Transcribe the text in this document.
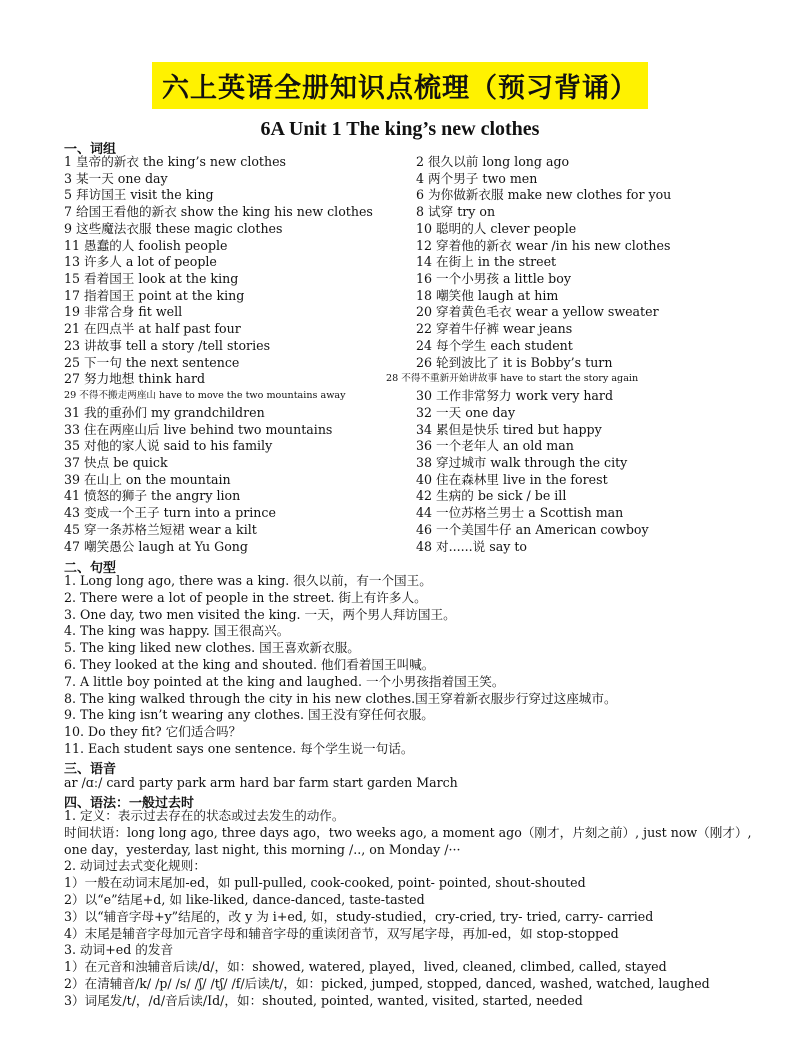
六上英语全册知识点梳理（预习背诵）
6A Unit 1 The king’s new clothes
一、词组
1 皇帝的新衣 the king’s new clothes	2 很久以前 long long ago
3 某一天 one day	4 两个男子 two men
5 拜访国王 visit the king	6 为你做新衣服 make new clothes for you
7 给国王看他的新衣 show the king his new clothes	8 试穿 try on
9 这些魔法衣服 these magic clothes	10 聪明的人 clever people
11 愚蠢的人 foolish people	12 穿着他的新衣 wear /in his new clothes
13 许多人 a lot of people	14 在街上 in the street
15 看着国王 look at the king	16 一个小男孩 a little boy
17 指着国王 point at the king	18 嘲笑他 laugh at him
19 非常合身 fit well	20 穿着黄色毛衣 wear a yellow sweater
21 在四点半 at half past four	22 穿着牛仔裤 wear jeans
23 讲故事 tell a story /tell stories	24 每个学生 each student
25 下一句 the next sentence	26 轮到波比了 it is Bobby’s turn
27 努力地想 think hard	28 不得不重新开始讲故事 have to start the story again
29 不得不搬走两座山 have to move the two mountains away	30 工作非常努力 work very hard
31 我的重孙们 my grandchildren	32 一天 one day
33 住在两座山后 live behind two mountains	34 累但是快乐 tired but happy
35 对他的家人说 said to his family	36 一个老年人 an old man
37 快点 be quick	38 穿过城市 walk through the city
39 在山上 on the mountain	40 住在森林里 live in the forest
41 愤怒的狮子 the angry lion	42 生病的 be sick / be ill
43 变成一个王子 turn into a prince	44 一位苏格兰男士 a Scottish man
45 穿一条苏格兰短裙 wear a kilt	46 一个美国牛仔 an American cowboy
47 嘲笑愚公 laugh at Yu Gong	48 对......说 say to
二、句型
1. Long long ago, there was a king. 很久以前，有一个国王。
2. There were a lot of people in the street. 街上有许多人。
3. One day, two men visited the king. 一天，两个男人拜访国王。
4. The king was happy. 国王很高兴。
5. The king liked new clothes. 国王喜欢新衣服。
6. They looked at the king and shouted. 他们看着国王叫喊。
7. A little boy pointed at the king and laughed. 一个小男孩指着国王笑。
8. The king walked through the city in his new clothes.国王穿着新衣服步行穿过这座城市。
9. The king isn’t wearing any clothes. 国王没有穿任何衣服。
10. Do they fit? 它们适合吗？
11. Each student says one sentence. 每个学生说一句话。
三、语音
ar /ɑː/ card party park arm hard bar farm start garden March
四、语法：一般过去时
1. 定义：表示过去存在的状态或过去发生的动作。
时间状语：long long ago, three days ago，two weeks ago, a moment ago（刚才，片刻之前）, just now（刚才）,
one day，yesterday, last night, this morning /.., on Monday /···
2. 动词过去式变化规则：
1）一般在动词末尾加-ed，如 pull-pulled, cook-cooked, point- pointed, shout-shouted
2）以“e”结尾+d, 如 like-liked, dance-danced, taste-tasted
3）以“辅音字母+y”结尾的，改 y 为 i+ed, 如，study-studied，cry-cried, try- tried, carry- carried
4）末尾是辅音字母加元音字母和辅音字母的重读闭音节，双写尾字母，再加-ed，如 stop-stopped
3. 动词+ed 的发音
1）在元音和浊辅音后读/d/，如：showed, watered, played，lived, cleaned, climbed, called, stayed
2）在清辅音/k/ /p/ /s/ /ʃ/ /tʃ/ /f/后读/t/，如：picked, jumped, stopped, danced, washed, watched, laughed
3）词尾发/t/，/d/音后读/Id/，如：shouted, pointed, wanted, visited, started, needed
